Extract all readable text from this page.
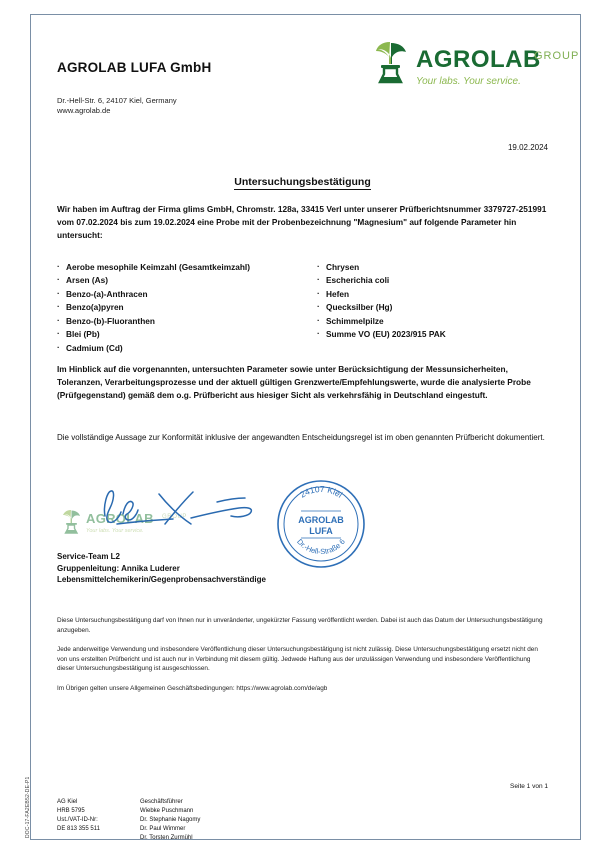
DOC-17-FA2EB52-DE-P1
AGROLAB LUFA GmbH
Dr.-Hell-Str. 6, 24107 Kiel, Germany
www.agrolab.de
AGROLAB
GROUP
Your labs. Your service.
19.02.2024
Untersuchungsbestätigung
Wir haben im Auftrag der Firma glims GmbH, Chromstr. 128a, 33415 Verl unter unserer Prüfberichtsnummer 3379727-251991 vom 07.02.2024 bis zum 19.02.2024 eine Probe mit der Probenbezeichnung "Magnesium" auf folgende Parameter hin untersucht:
· Aerobe mesophile Keimzahl (Gesamtkeimzahl)
· Arsen (As)
· Benzo-(a)-Anthracen
· Benzo(a)pyren
· Benzo-(b)-Fluoranthen
· Blei (Pb)
· Cadmium (Cd)
· Chrysen
· Escherichia coli
· Hefen
· Quecksilber (Hg)
· Schimmelpilze
· Summe VO (EU) 2023/915 PAK
Im Hinblick auf die vorgenannten, untersuchten Parameter sowie unter Berücksichtigung der Messunsicherheiten, Toleranzen, Verarbeitungsprozesse und der aktuell gültigen Grenzwerte/Empfehlungswerte, wurde die analysierte Probe (Prüfgegenstand) gemäß dem o.g. Prüfbericht aus hiesiger Sicht als verkehrsfähig in Deutschland eingestuft.
Die vollständige Aussage zur Konformität inklusive der angewandten Entscheidungsregel ist im oben genannten Prüfbericht dokumentiert.
AGROLAB GROUP
Your labs. Your service.
24107 Kiel
Dr.-Hell-Straße 6
AGROLAB
LUFA
Service-Team L2
Gruppenleitung: Annika Luderer
Lebensmittelchemikerin/Gegenprobensachverständige
Diese Untersuchungsbestätigung darf von Ihnen nur in unveränderter, ungekürzter Fassung veröffentlicht werden. Dabei ist auch das Datum der Untersuchungsbestätigung anzugeben.
Jede anderweitige Verwendung und insbesondere Veröffentlichung dieser Untersuchungsbestätigung ist nicht zulässig. Diese Untersuchungsbestätigung ersetzt nicht den von uns erstellten Prüfbericht und ist auch nur in Verbindung mit diesem gültig. Jedwede Haftung aus der unzulässigen Verwendung und insbesondere Veröffentlichung dieser Untersuchungsbestätigung ist ausgeschlossen.
Im Übrigen gelten unsere Allgemeinen Geschäftsbedingungen: https://www.agrolab.com/de/agb
Seite 1 von 1
AG Kiel
HRB 5795
Ust./VAT-ID-Nr:
DE 813 355 511
Geschäftsführer
Wiebke Puschmann
Dr. Stephanie Nagomy
Dr. Paul Wimmer
Dr. Torsten Zurmühl
